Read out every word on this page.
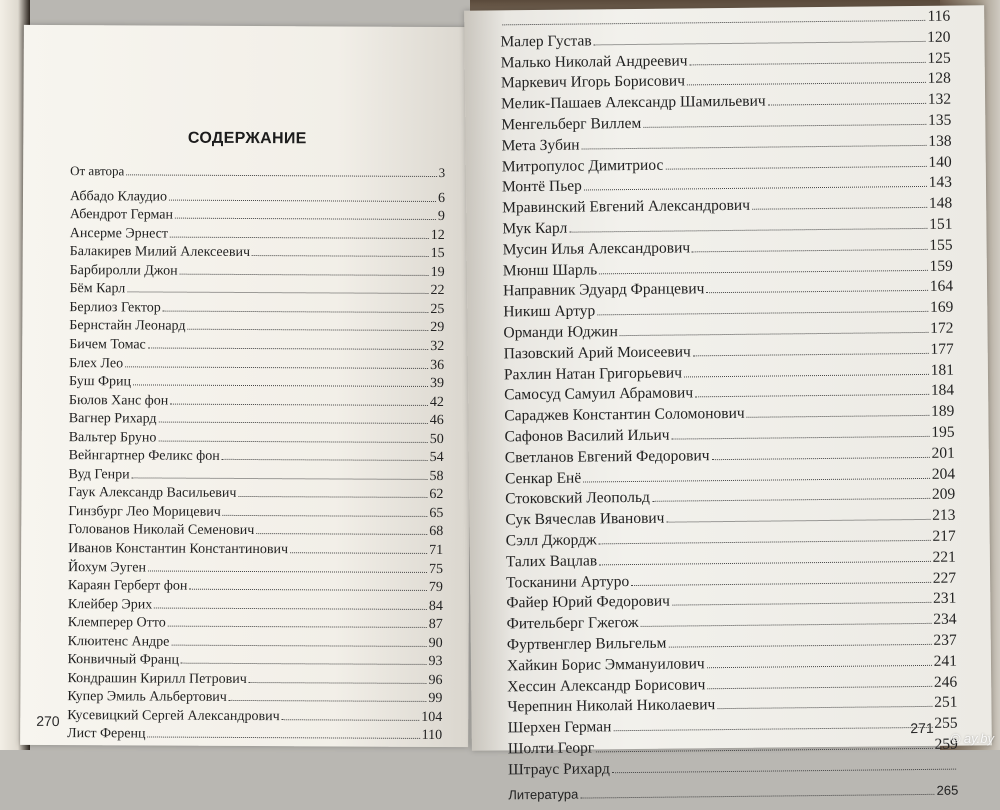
СОДЕРЖАНИЕ
От автора	3
Аббадо Клаудио	6
Абендрот Герман	9
Ансерме Эрнест	12
Балакирев Милий Алексеевич	15
Барбиролли Джон	19
Бём Карл	22
Берлиоз Гектор	25
Бернстайн Леонард	29
Бичем Томас	32
Блех Лео	36
Буш Фриц	39
Бюлов Ханс фон	42
Вагнер Рихард	46
Вальтер Бруно	50
Вейнгартнер Феликс фон	54
Вуд Генри	58
Гаук Александр Васильевич	62
Гинзбург Лео Морицевич	65
Голованов Николай Семенович	68
Иванов Константин Константинович	71
Йохум Эуген	75
Караян Герберт фон	79
Клейбер Эрих	84
Клемперер Отто	87
Клюитенс Андре	90
Конвичный Франц	93
Кондрашин Кирилл Петрович	96
Купер Эмиль Альбертович	99
Кусевицкий Сергей Александрович	104
Лист Ференц	110
270
116
Малер Густав	120
Малько Николай Андреевич	125
Маркевич Игорь Борисович	128
Мелик-Пашаев Александр Шамильевич	132
Менгельберг Виллем	135
Мета Зубин	138
Митропулос Димитриос	140
Монтё Пьер	143
Мравинский Евгений Александрович	148
Мук Карл	151
Мусин Илья Александрович	155
Мюнш Шарль	159
Направник Эдуард Францевич	164
Никиш Артур	169
Орманди Юджин	172
Пазовский Арий Моисеевич	177
Рахлин Натан Григорьевич	181
Самосуд Самуил Абрамович	184
Сараджев Константин Соломонович	189
Сафонов Василий Ильич	195
Светланов Евгений Федорович	201
Сенкар Енё	204
Стоковский Леопольд	209
Сук Вячеслав Иванович	213
Сэлл Джордж	217
Талих Вацлав	221
Тосканини Артуро	227
Файер Юрий Федорович	231
Фительберг Гжегож	234
Фуртвенглер Вильгельм	237
Хайкин Борис Эммануилович	241
Хессин Александр Борисович	246
Черепнин Николай Николаевич	251
Шерхен Герман	255
Шолти Георг	259
Штраус Рихард
Литература	265
271
© ay.by
